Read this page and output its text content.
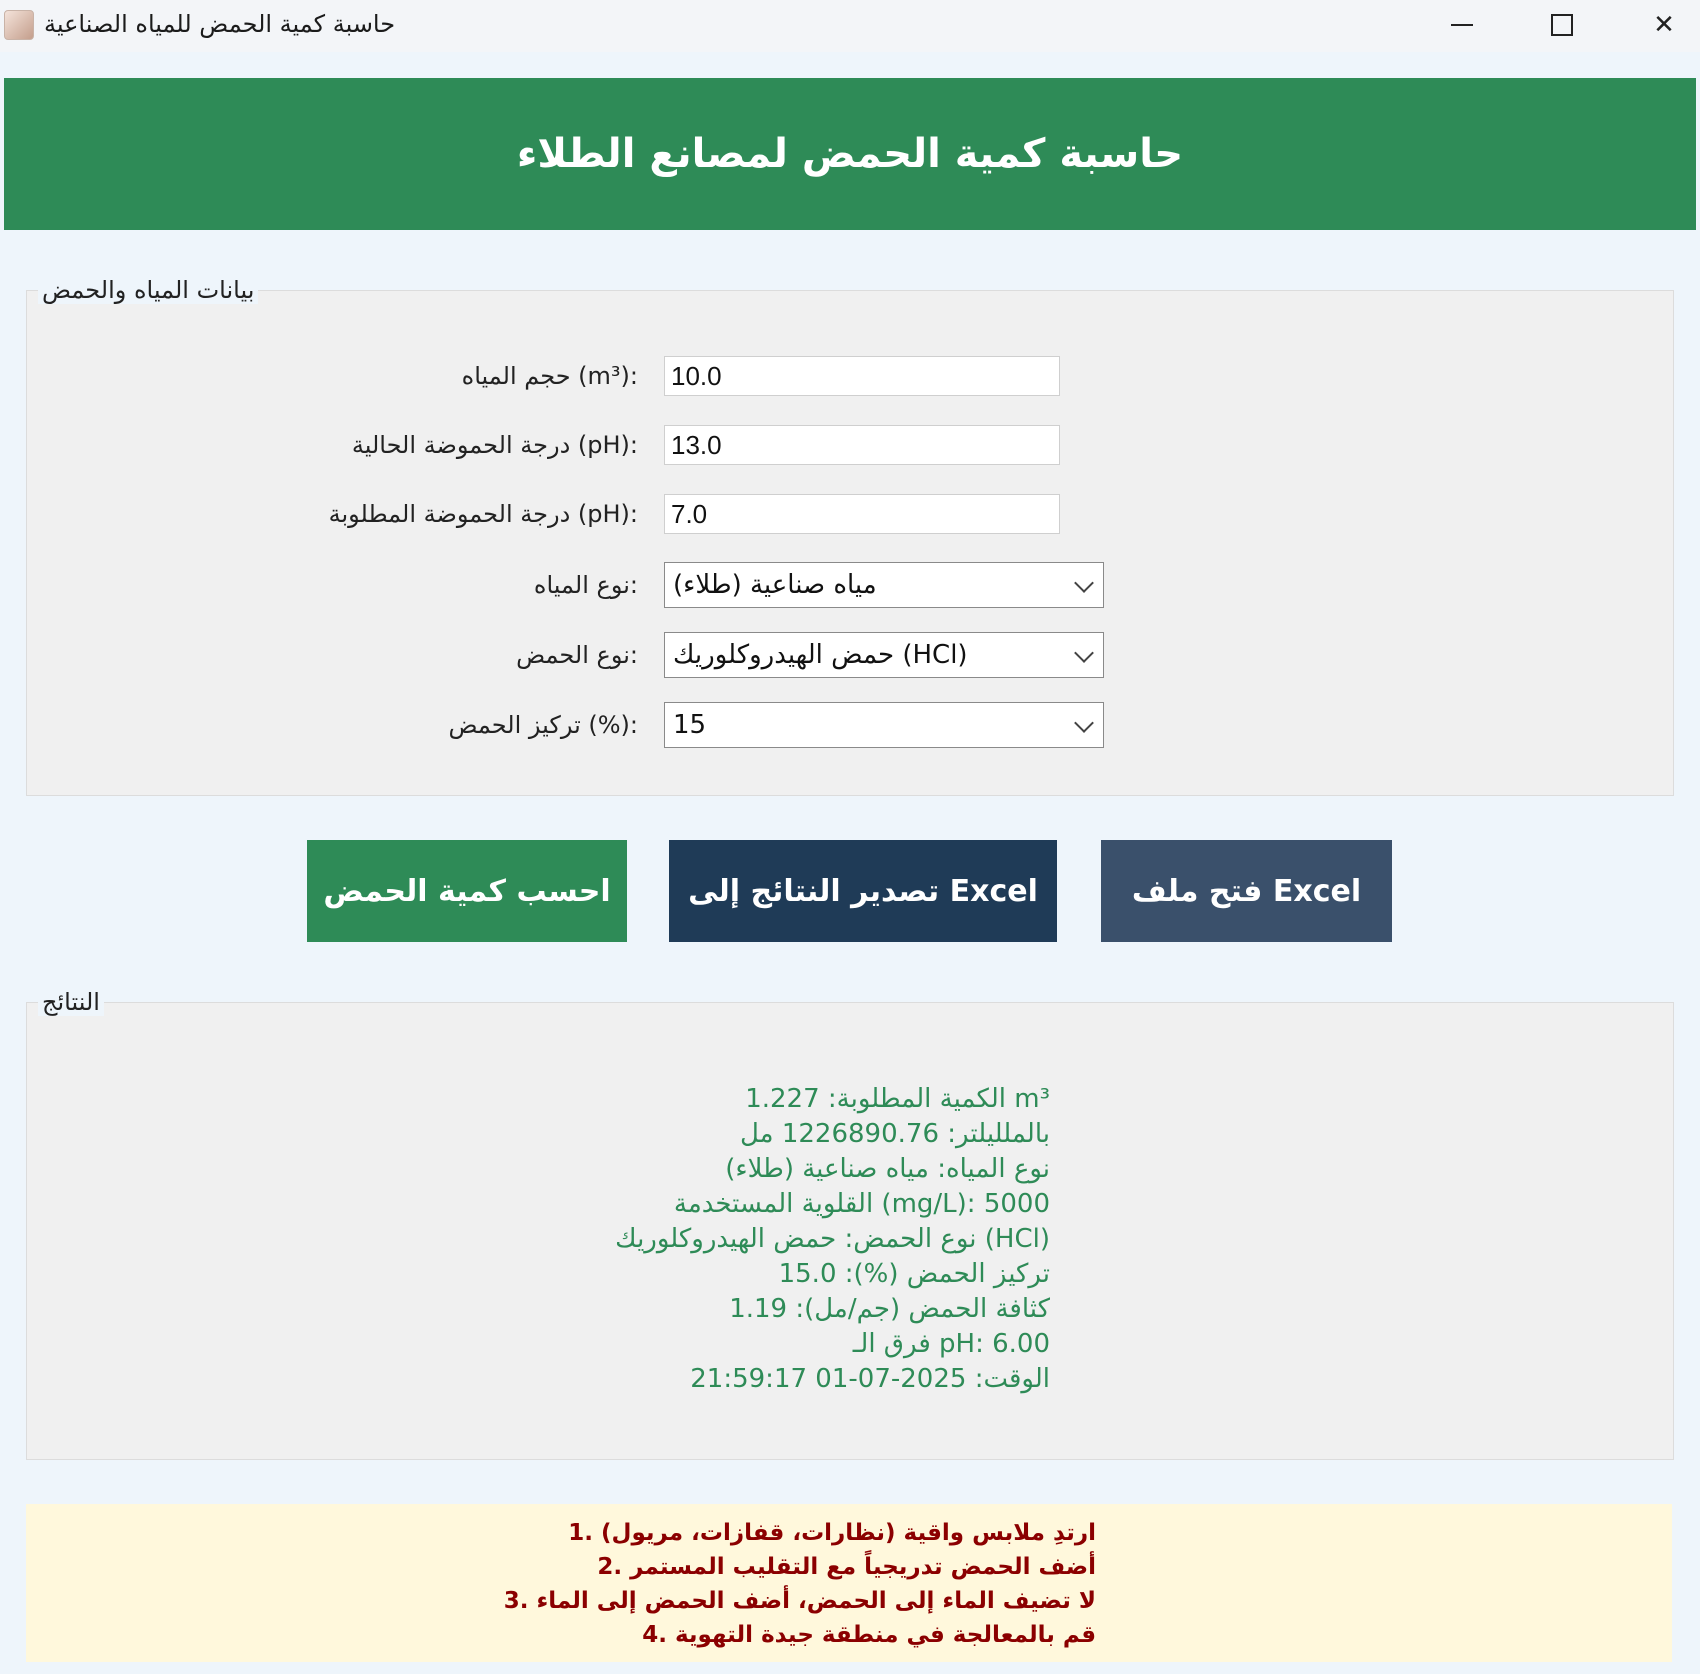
حاسبة كمية الحمض للمياه الصناعية	✕
حاسبة كمية الحمض لمصانع الطلاء
بيانات المياه والحمض
حجم المياه (m³): 10.0
درجة الحموضة الحالية (pH): 13.0
درجة الحموضة المطلوبة (pH): 7.0
نوع المياه: مياه صناعية (طلاء)
نوع الحمض: حمض الهيدروكلوريك (HCl)
تركيز الحمض (%): 15
احسب كمية الحمض	تصدير النتائج إلى Excel	فتح ملف Excel
النتائج
الكمية المطلوبة: 1.227 m³
بالملليلتر: 1226890.76 مل
نوع المياه: مياه صناعية (طلاء)
القلوية المستخدمة (mg/L): 5000
نوع الحمض: حمض الهيدروكلوريك (HCl)
تركيز الحمض (%): 15.0
كثافة الحمض (جم/مل): 1.19
فرق الـ pH: 6.00
الوقت: 2025-07-01 21:59:17
1. ارتدِ ملابس واقية (نظارات، قفازات، مريول)
2. أضف الحمض تدريجياً مع التقليب المستمر
3. لا تضيف الماء إلى الحمض، أضف الحمض إلى الماء
4. قم بالمعالجة في منطقة جيدة التهوية
